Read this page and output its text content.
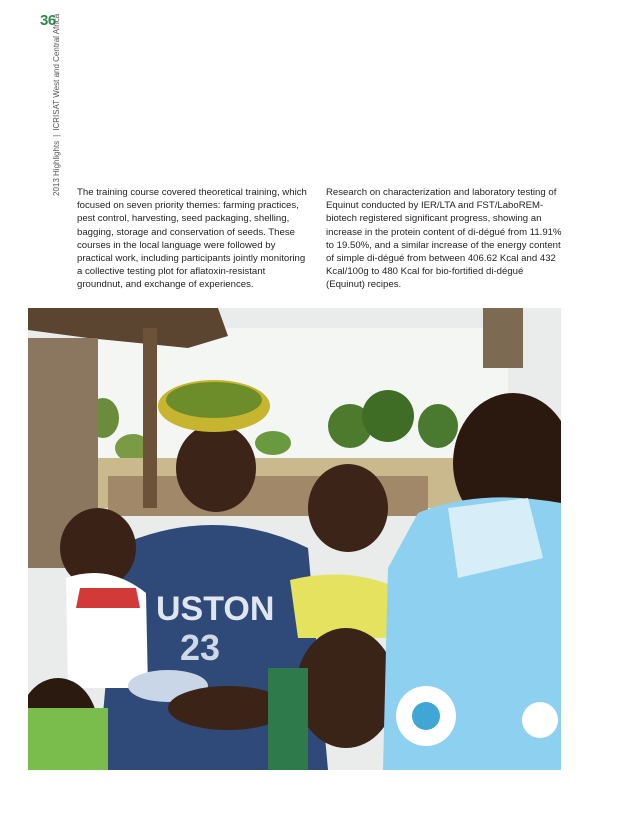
36
2013 Highlights|ICRISAT West and Central Africa

The training course covered theoretical training, which focused on seven priority themes: farming practices, pest control, harvesting, seed packaging, shelling, bagging, storage and conservation of seeds. These courses in the local language were followed by practical work, including participants jointly monitoring a collective testing plot for aflatoxin-resistant groundnut, and exchange of experiences.

Research on characterization and laboratory testing of Equinut conducted by IER/LTA and FST/LaboREM-biotech registered significant progress, showing an increase in the protein content of di-dégué from 11.91% to 19.50%, and a similar increase of the energy content of simple di-dégué from between 406.62 Kcal and 432 Kcal/100g to 480 Kcal for bio-fortified di-dégué (Equinut) recipes.

USTON
23
